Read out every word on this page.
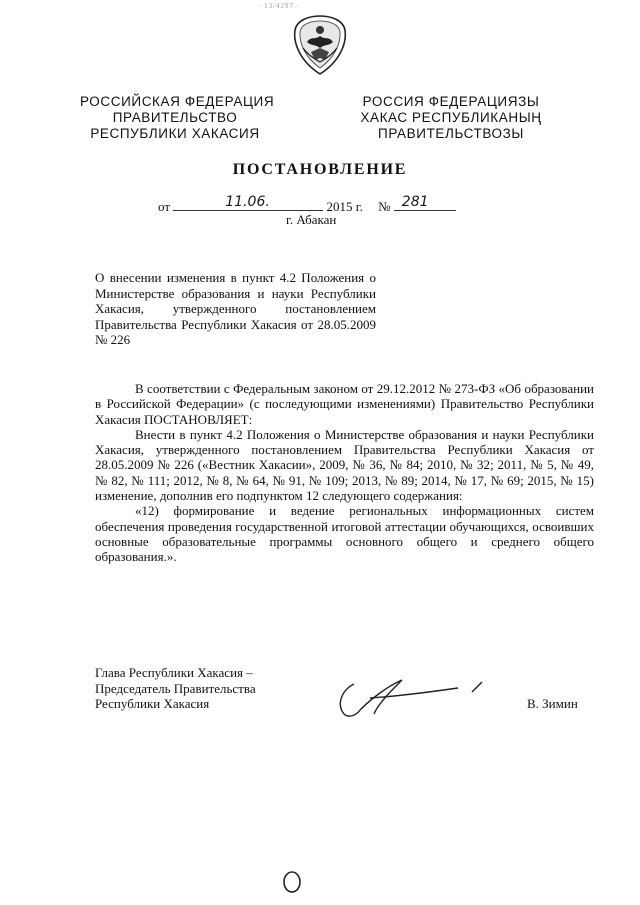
· 13/4297 ·
РОССИЙСКАЯ ФЕДЕРАЦИЯ
ПРАВИТЕЛЬСТВО
РЕСПУБЛИКИ ХАКАСИЯ
РОССИЯ ФЕДЕРАЦИЯЗЫ
ХАКАС РЕСПУБЛИКАНЫҢ
ПРАВИТЕЛЬСТВОЗЫ
ПОСТАНОВЛЕНИЕ
от	11.06.	2015 г. № 281
г. Абакан
О внесении изменения в пункт 4.2 Положения о Министерстве образования и науки Республики Хакасия, утвержденного постановлением Правительства Республики Хакасия от 28.05.2009 № 226

В соответствии с Федеральным законом от 29.12.2012 № 273-ФЗ «Об образовании в Российской Федерации» (с последующими изменениями) Правительство Республики Хакасия ПОСТАНОВЛЯЕТ:

Внести в пункт 4.2 Положения о Министерстве образования и науки Республики Хакасия, утвержденного постановлением Правительства Республики Хакасия от 28.05.2009 № 226 («Вестник Хакасии», 2009, № 36, № 84; 2010, № 32; 2011, № 5, № 49, № 82, № 111; 2012, № 8, № 64, № 91, № 109; 2013, № 89; 2014, № 17, № 69; 2015, № 15) изменение, дополнив его подпунктом 12 следующего содержания:

«12) формирование и ведение региональных информационных систем обеспечения проведения государственной итоговой аттестации обучающихся, освоивших основные образовательные программы основного общего и среднего общего образования.».

Глава Республики Хакасия –
Председатель Правительства
Республики Хакасия	В. Зимин
